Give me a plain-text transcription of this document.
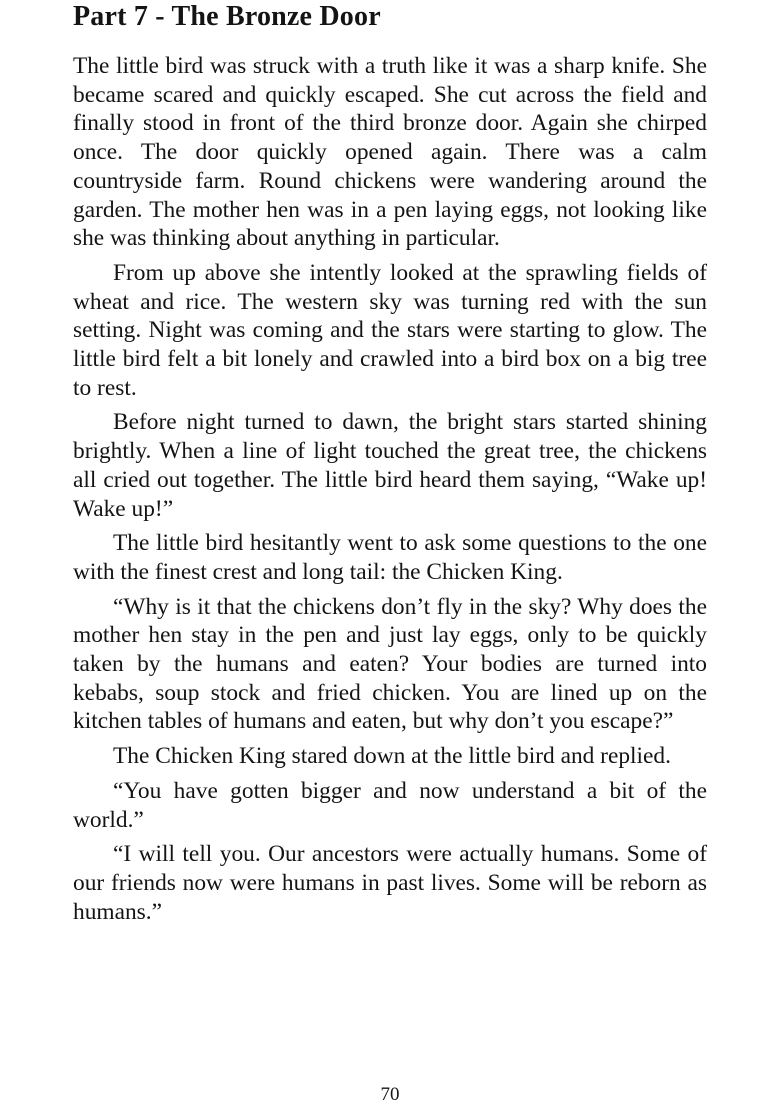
Part 7 - The Bronze Door

The little bird was struck with a truth like it was a sharp knife. She became scared and quickly escaped. She cut across the field and finally stood in front of the third bronze door. Again she chirped once. The door quickly opened again. There was a calm countryside farm. Round chickens were wandering around the garden. The mother hen was in a pen laying eggs, not looking like she was thinking about anything in particular.

From up above she intently looked at the sprawling fields of wheat and rice. The western sky was turning red with the sun setting. Night was coming and the stars were starting to glow. The little bird felt a bit lonely and crawled into a bird box on a big tree to rest.

Before night turned to dawn, the bright stars started shining brightly. When a line of light touched the great tree, the chickens all cried out together. The little bird heard them saying, “Wake up! Wake up!”

The little bird hesitantly went to ask some questions to the one with the finest crest and long tail: the Chicken King.

“Why is it that the chickens don’t fly in the sky? Why does the mother hen stay in the pen and just lay eggs, only to be quickly taken by the humans and eaten? Your bodies are turned into kebabs, soup stock and fried chicken. You are lined up on the kitchen tables of humans and eaten, but why don’t you escape?”

The Chicken King stared down at the little bird and replied.

“You have gotten bigger and now understand a bit of the world.”

“I will tell you. Our ancestors were actually humans. Some of our friends now were humans in past lives. Some will be reborn as humans.”

70
